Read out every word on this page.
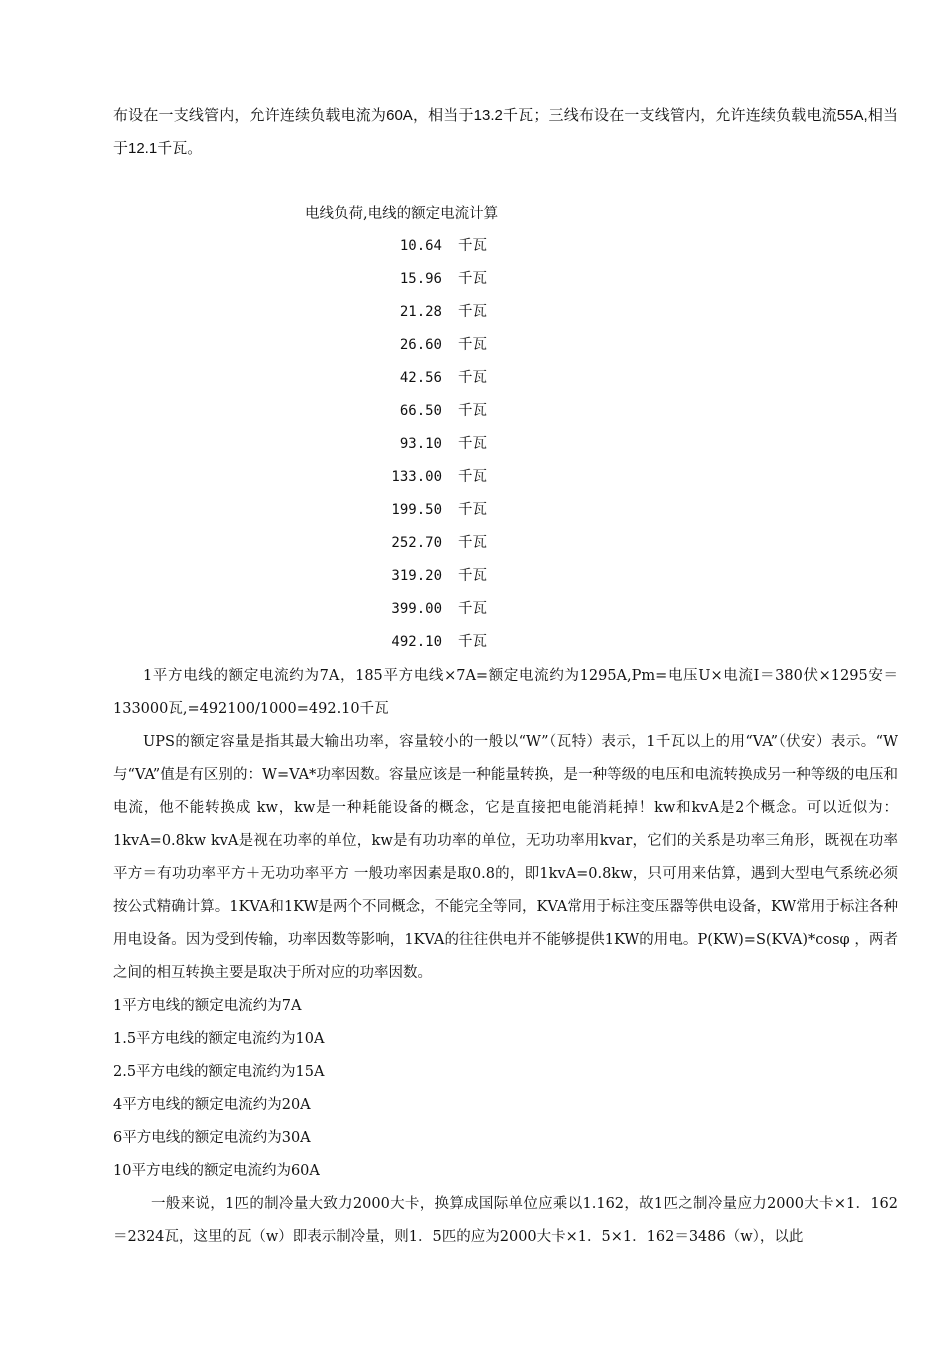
布设在一支线管内，允许连续负载电流为60A，相当于13.2千瓦；三线布设在一支线管内，允许连续负载电流55A,相当于12.1千瓦。

电线负荷,电线的额定电流计算

10.64 千瓦
15.96 千瓦
21.28 千瓦
26.60 千瓦
42.56 千瓦
66.50 千瓦
93.10 千瓦
133.00 千瓦
199.50 千瓦
252.70 千瓦
319.20 千瓦
399.00 千瓦
492.10 千瓦

1平方电线的额定电流约为7A，185平方电线×7A=额定电流约为1295A,Pm=电压U×电流I＝380伏×1295安＝133000瓦,=492100/1000=492.10千瓦

UPS的额定容量是指其最大输出功率，容量较小的一般以“W”（瓦特）表示，1千瓦以上的用“VA”（伏安）表示。“W与“VA”值是有区别的：W=VA*功率因数。容量应该是一种能量转换，是一种等级的电压和电流转换成另一种等级的电压和电流，他不能转换成 kw，kw是一种耗能设备的概念，它是直接把电能消耗掉！kw和kvA是2个概念。可以近似为：1kvA=0.8kw kvA是视在功率的单位，kw是有功功率的单位，无功功率用kvar，它们的关系是功率三角形，既视在功率平方＝有功功率平方＋无功功率平方 一般功率因素是取0.8的，即1kvA=0.8kw，只可用来估算，遇到大型电气系统必须按公式精确计算。1KVA和1KW是两个不同概念，不能完全等同，KVA常用于标注变压器等供电设备，KW常用于标注各种用电设备。因为受到传输，功率因数等影响，1KVA的往往供电并不能够提供1KW的用电。P(KW)=S(KVA)*cosφ ，两者之间的相互转换主要是取决于所对应的功率因数。

1平方电线的额定电流约为7A

1.5平方电线的额定电流约为10A

2.5平方电线的额定电流约为15A

4平方电线的额定电流约为20A

6平方电线的额定电流约为30A

10平方电线的额定电流约为60A

一般来说，1匹的制冷量大致力2000大卡，换算成国际单位应乘以1.162，故1匹之制冷量应力2000大卡×1．162＝2324瓦，这里的瓦（w）即表示制冷量，则1．5匹的应为2000大卡×1．5×1．162＝3486（w），以此
